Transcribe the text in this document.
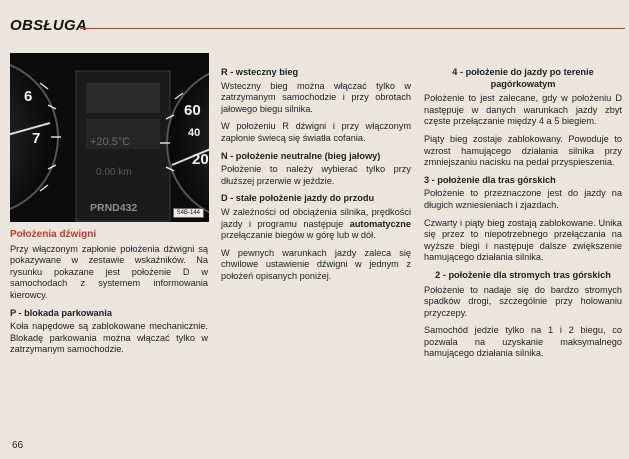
OBSŁUGA
6
7	+20.5°C
0.00 km
PRND432
60
40
20
S4B-144
Położenia dźwigni

Przy włączonym zapłonie położenia dźwigni są pokazywane w zestawie wskaźników. Na rysunku pokazane jest położenie D w samochodach z systemem informowania kierowcy.

P - blokada parkowania

Koła napędowe są zablokowane mechanicznie. Blokadę parkowania można włączać tylko w zatrzymanym samochodzie.

R - wsteczny bieg

Wsteczny bieg można włączać tylko w zatrzymanym samochodzie i przy obrotach jałowego biegu silnika.

W położeniu R dźwigni i przy włączonym zapłonie świecą się światła cofania.

N - położenie neutralne (bieg jałowy)

Położenie to należy wybierać tylko przy dłuższej przerwie w jeździe.

D - stałe położenie jazdy do przodu

W zależności od obciążenia silnika, prędkości jazdy i programu następuje automatyczne przełączanie biegów w górę lub w dół.

W pewnych warunkach jazdy zaleca się chwilowe ustawienie dźwigni w jednym z położeń opisanych poniżej.

4 - położenie do jazdy po terenie pagórkowatym

Położenie to jest zalecane, gdy w położeniu D następuje w danych warunkach jazdy zbyt częste przełączanie między 4 a 5 biegiem.

Piąty bieg zostaje zablokowany. Powoduje to wzrost hamującego działania silnika przy zmniejszaniu nacisku na pedał przyspieszenia.

3 - położenie dla tras górskich

Położenie to przeznaczone jest do jazdy na długich wzniesieniach i zjazdach.

Czwarty i piąty bieg zostają zablokowane. Unika się przez to niepotrzebnego przełączania na wyższe biegi i następuje dalsze zwiększenie hamującego działania silnika.

2 - położenie dla stromych tras górskich

Położenie to nadaje się do bardzo stromych spadków drogi, szczególnie przy holowaniu przyczepy.

Samochód jedzie tylko na 1 i 2 biegu, co pozwala na uzyskanie maksymalnego hamującego działania silnika.

66
